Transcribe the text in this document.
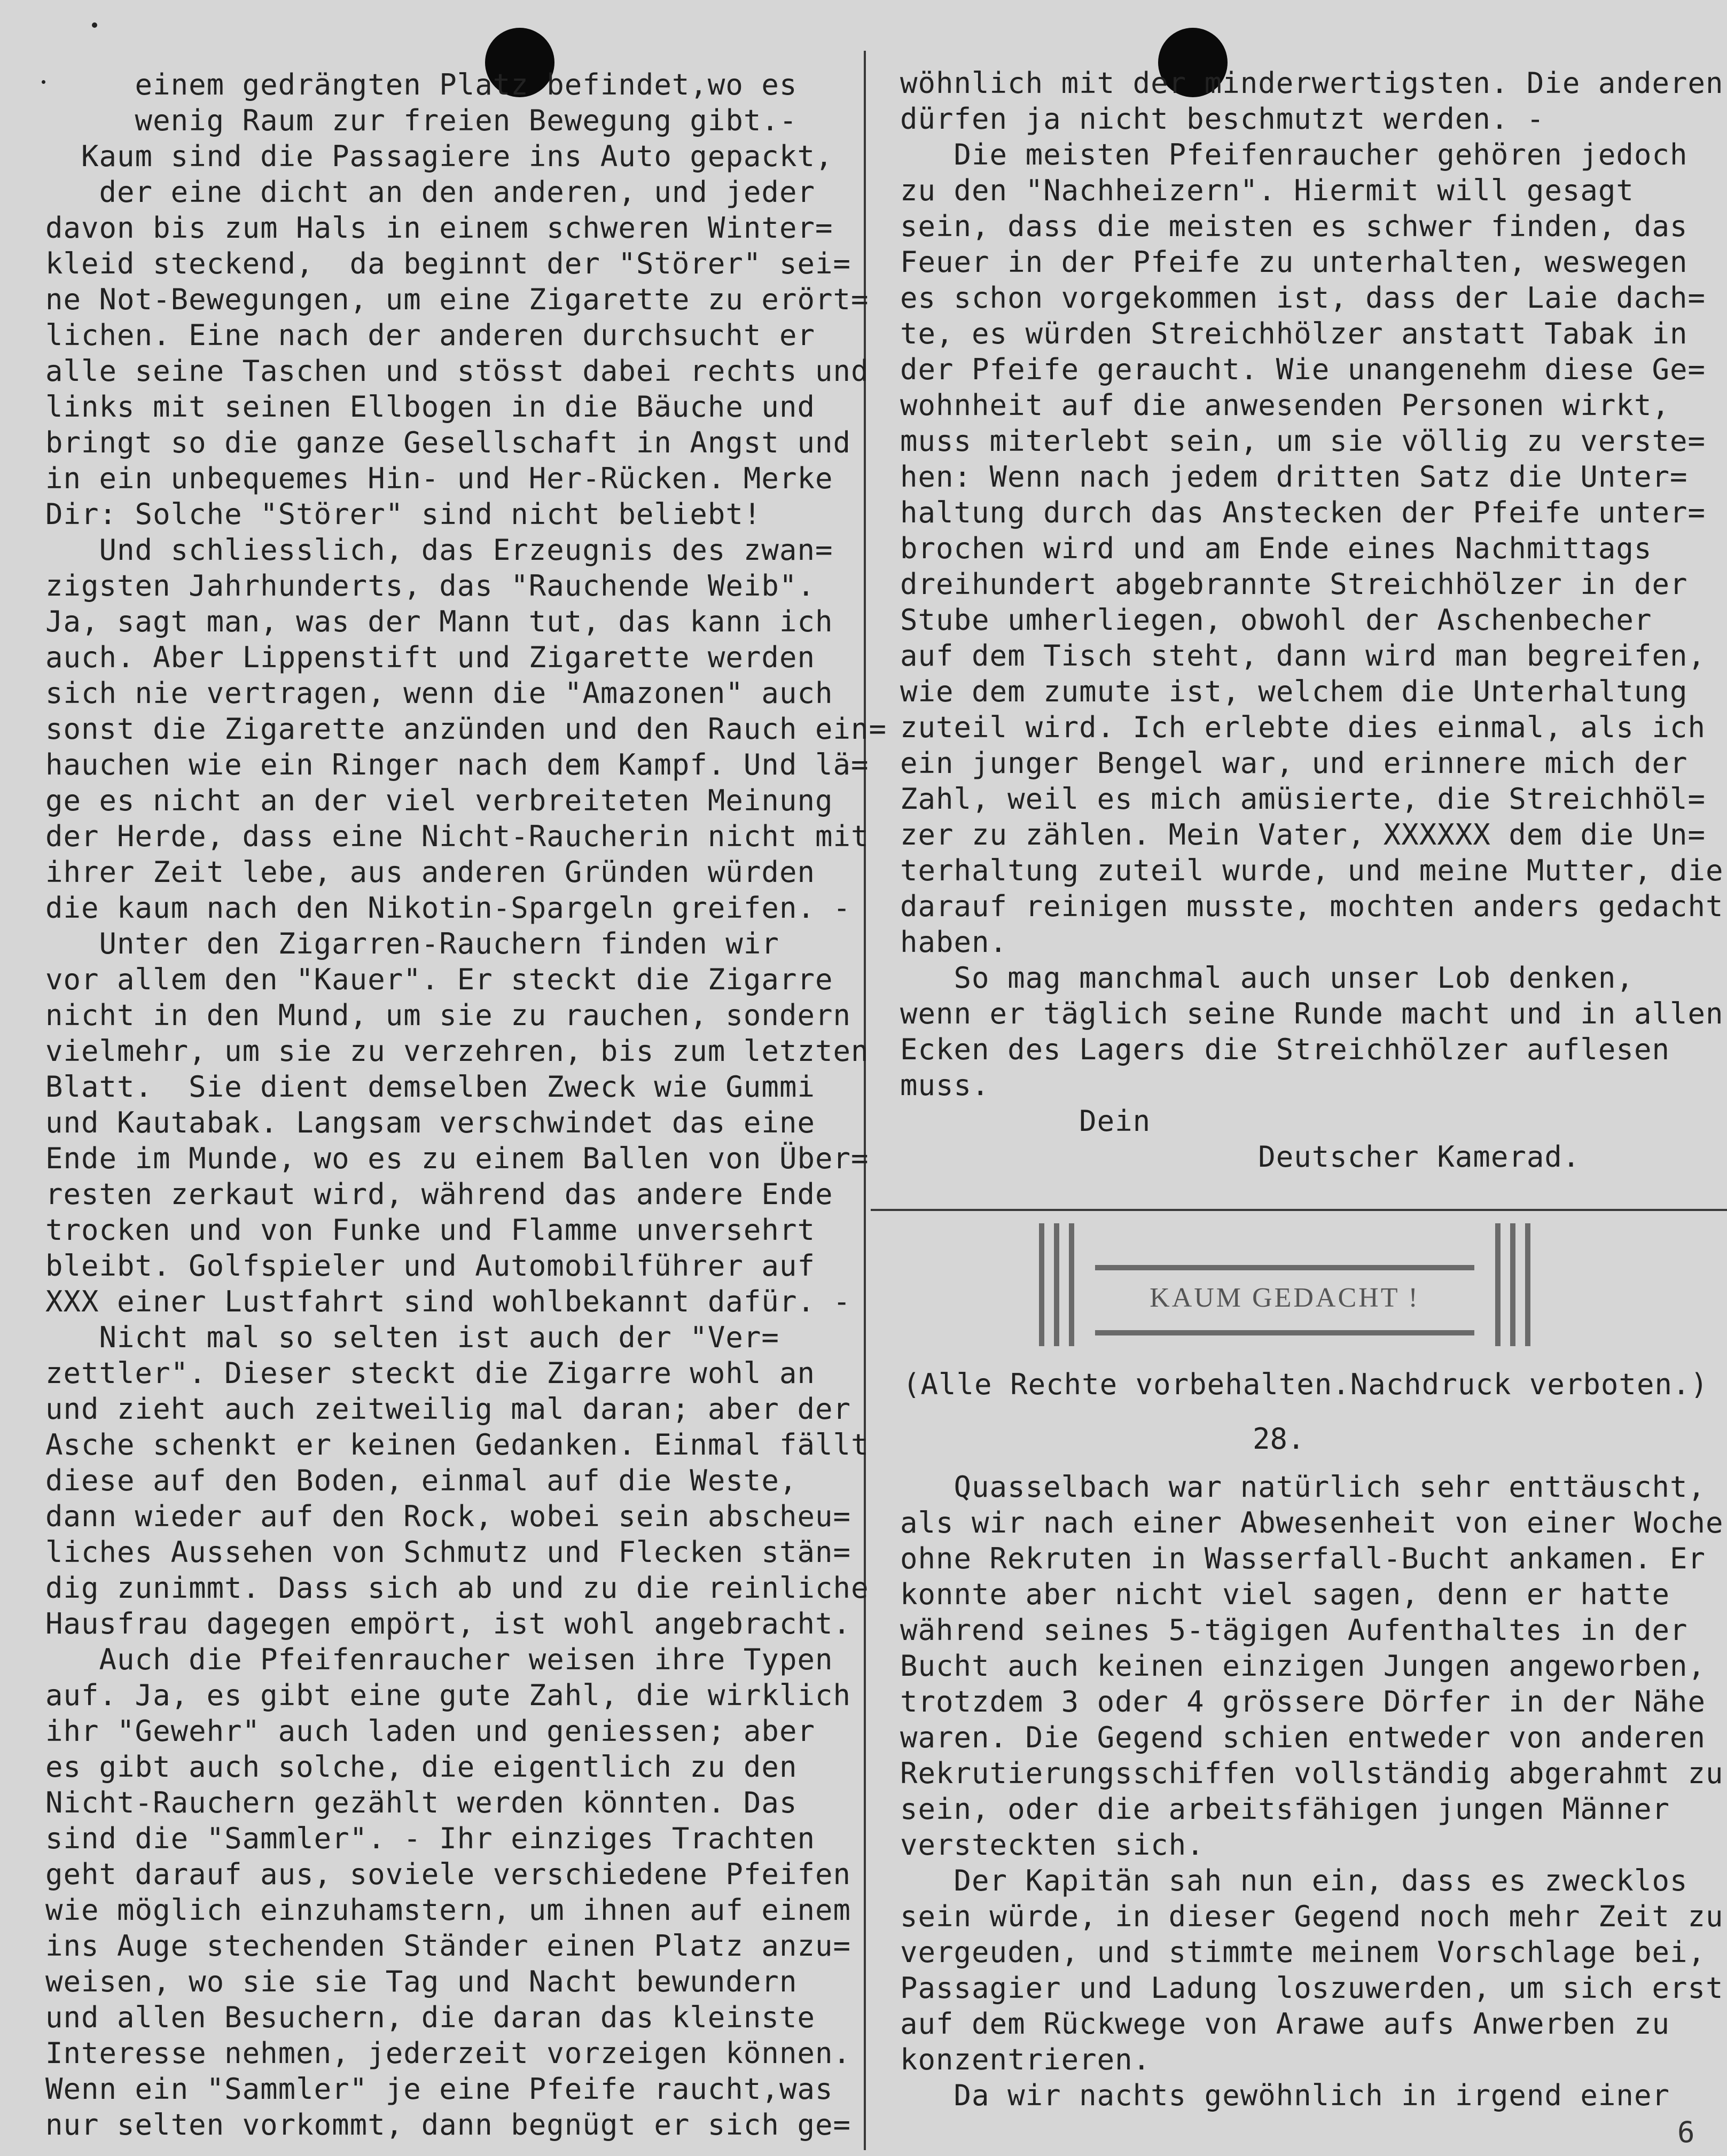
einem gedrängten Platz befindet,wo es
wenig Raum zur freien Bewegung gibt.-
Kaum sind die Passagiere ins Auto gepackt,
der eine dicht an den anderen, und jeder
davon bis zum Hals in einem schweren Winter=
kleid steckend,  da beginnt der "Störer" sei=
ne Not-Bewegungen, um eine Zigarette zu erört=
lichen. Eine nach der anderen durchsucht er
alle seine Taschen und stösst dabei rechts und
links mit seinen Ellbogen in die Bäuche und
bringt so die ganze Gesellschaft in Angst und
in ein unbequemes Hin- und Her-Rücken. Merke
Dir: Solche "Störer" sind nicht beliebt!
Und schliesslich, das Erzeugnis des zwan=
zigsten Jahrhunderts, das "Rauchende Weib".
Ja, sagt man, was der Mann tut, das kann ich
auch. Aber Lippenstift und Zigarette werden
sich nie vertragen, wenn die "Amazonen" auch
sonst die Zigarette anzünden und den Rauch ein=
hauchen wie ein Ringer nach dem Kampf. Und lä=
ge es nicht an der viel verbreiteten Meinung
der Herde, dass eine Nicht-Raucherin nicht mit
ihrer Zeit lebe, aus anderen Gründen würden
die kaum nach den Nikotin-Spargeln greifen. -
Unter den Zigarren-Rauchern finden wir
vor allem den "Kauer". Er steckt die Zigarre
nicht in den Mund, um sie zu rauchen, sondern
vielmehr, um sie zu verzehren, bis zum letzten
Blatt.  Sie dient demselben Zweck wie Gummi
und Kautabak. Langsam verschwindet das eine
Ende im Munde, wo es zu einem Ballen von Über=
resten zerkaut wird, während das andere Ende
trocken und von Funke und Flamme unversehrt
bleibt. Golfspieler und Automobilführer auf
XXX einer Lustfahrt sind wohlbekannt dafür. -
Nicht mal so selten ist auch der "Ver=
zettler". Dieser steckt die Zigarre wohl an
und zieht auch zeitweilig mal daran; aber der
Asche schenkt er keinen Gedanken. Einmal fällt
diese auf den Boden, einmal auf die Weste,
dann wieder auf den Rock, wobei sein abscheu=
liches Aussehen von Schmutz und Flecken stän=
dig zunimmt. Dass sich ab und zu die reinliche
Hausfrau dagegen empört, ist wohl angebracht.
Auch die Pfeifenraucher weisen ihre Typen
auf. Ja, es gibt eine gute Zahl, die wirklich
ihr "Gewehr" auch laden und geniessen; aber
es gibt auch solche, die eigentlich zu den
Nicht-Rauchern gezählt werden könnten. Das
sind die "Sammler". - Ihr einziges Trachten
geht darauf aus, soviele verschiedene Pfeifen
wie möglich einzuhamstern, um ihnen auf einem
ins Auge stechenden Ständer einen Platz anzu=
weisen, wo sie sie Tag und Nacht bewundern
und allen Besuchern, die daran das kleinste
Interesse nehmen, jederzeit vorzeigen können.
Wenn ein "Sammler" je eine Pfeife raucht,was
nur selten vorkommt, dann begnügt er sich ge=
wöhnlich mit der minderwertigsten. Die anderen
dürfen ja nicht beschmutzt werden. -
Die meisten Pfeifenraucher gehören jedoch
zu den "Nachheizern". Hiermit will gesagt
sein, dass die meisten es schwer finden, das
Feuer in der Pfeife zu unterhalten, weswegen
es schon vorgekommen ist, dass der Laie dach=
te, es würden Streichhölzer anstatt Tabak in
der Pfeife geraucht. Wie unangenehm diese Ge=
wohnheit auf die anwesenden Personen wirkt,
muss miterlebt sein, um sie völlig zu verste=
hen: Wenn nach jedem dritten Satz die Unter=
haltung durch das Anstecken der Pfeife unter=
brochen wird und am Ende eines Nachmittags
dreihundert abgebrannte Streichhölzer in der
Stube umherliegen, obwohl der Aschenbecher
auf dem Tisch steht, dann wird man begreifen,
wie dem zumute ist, welchem die Unterhaltung
zuteil wird. Ich erlebte dies einmal, als ich
ein junger Bengel war, und erinnere mich der
Zahl, weil es mich amüsierte, die Streichhöl=
zer zu zählen. Mein Vater, XXXXXX dem die Un=
terhaltung zuteil wurde, und meine Mutter, die
darauf reinigen musste, mochten anders gedacht
haben.
So mag manchmal auch unser Lob denken,
wenn er täglich seine Runde macht und in allen
Ecken des Lagers die Streichhölzer auflesen
muss.
Dein
Deutscher Kamerad.
KAUM GEDACHT !
(Alle Rechte vorbehalten.Nachdruck verboten.)
28.
Quasselbach war natürlich sehr enttäuscht,
als wir nach einer Abwesenheit von einer Woche
ohne Rekruten in Wasserfall-Bucht ankamen. Er
konnte aber nicht viel sagen, denn er hatte
während seines 5-tägigen Aufenthaltes in der
Bucht auch keinen einzigen Jungen angeworben,
trotzdem 3 oder 4 grössere Dörfer in der Nähe
waren. Die Gegend schien entweder von anderen
Rekrutierungsschiffen vollständig abgerahmt zu
sein, oder die arbeitsfähigen jungen Männer
versteckten sich.
Der Kapitän sah nun ein, dass es zwecklos
sein würde, in dieser Gegend noch mehr Zeit zu
vergeuden, und stimmte meinem Vorschlage bei,
Passagier und Ladung loszuwerden, um sich erst
auf dem Rückwege von Arawe aufs Anwerben zu
konzentrieren.
Da wir nachts gewöhnlich in irgend einer
6
